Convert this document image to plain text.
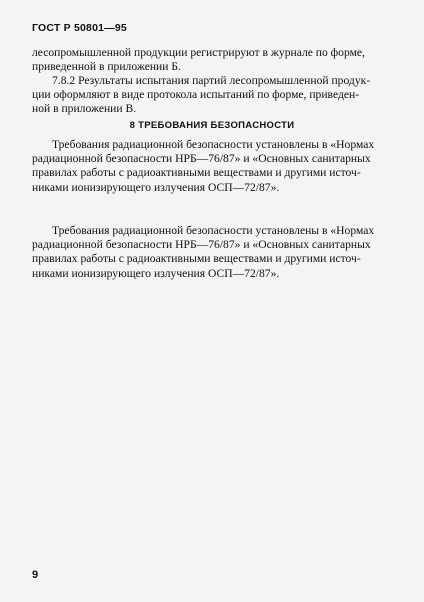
ГОСТ Р 50801—95
лесопромышленной продукции регистрируют в журнале по форме,
приведенной в приложении Б.
7.8.2 Результаты испытания партий лесопромышленной продук-
ции оформляют в виде протокола испытаний по форме, приведен-
ной в приложении В.
8 ТРЕБОВАНИЯ БЕЗОПАСНОСТИ
Требования радиационной безопасности установлены в «Нормах
радиационной безопасности НРБ—76/87» и «Основных санитарных
правилах работы с радиоактивными веществами и другими источ-
никами ионизирующего излучения ОСП—72/87».
Требования радиационной безопасности установлены в «Нормах
радиационной безопасности НРБ—76/87» и «Основных санитарных
правилах работы с радиоактивными веществами и другими источ-
никами ионизирующего излучения ОСП—72/87».
9
